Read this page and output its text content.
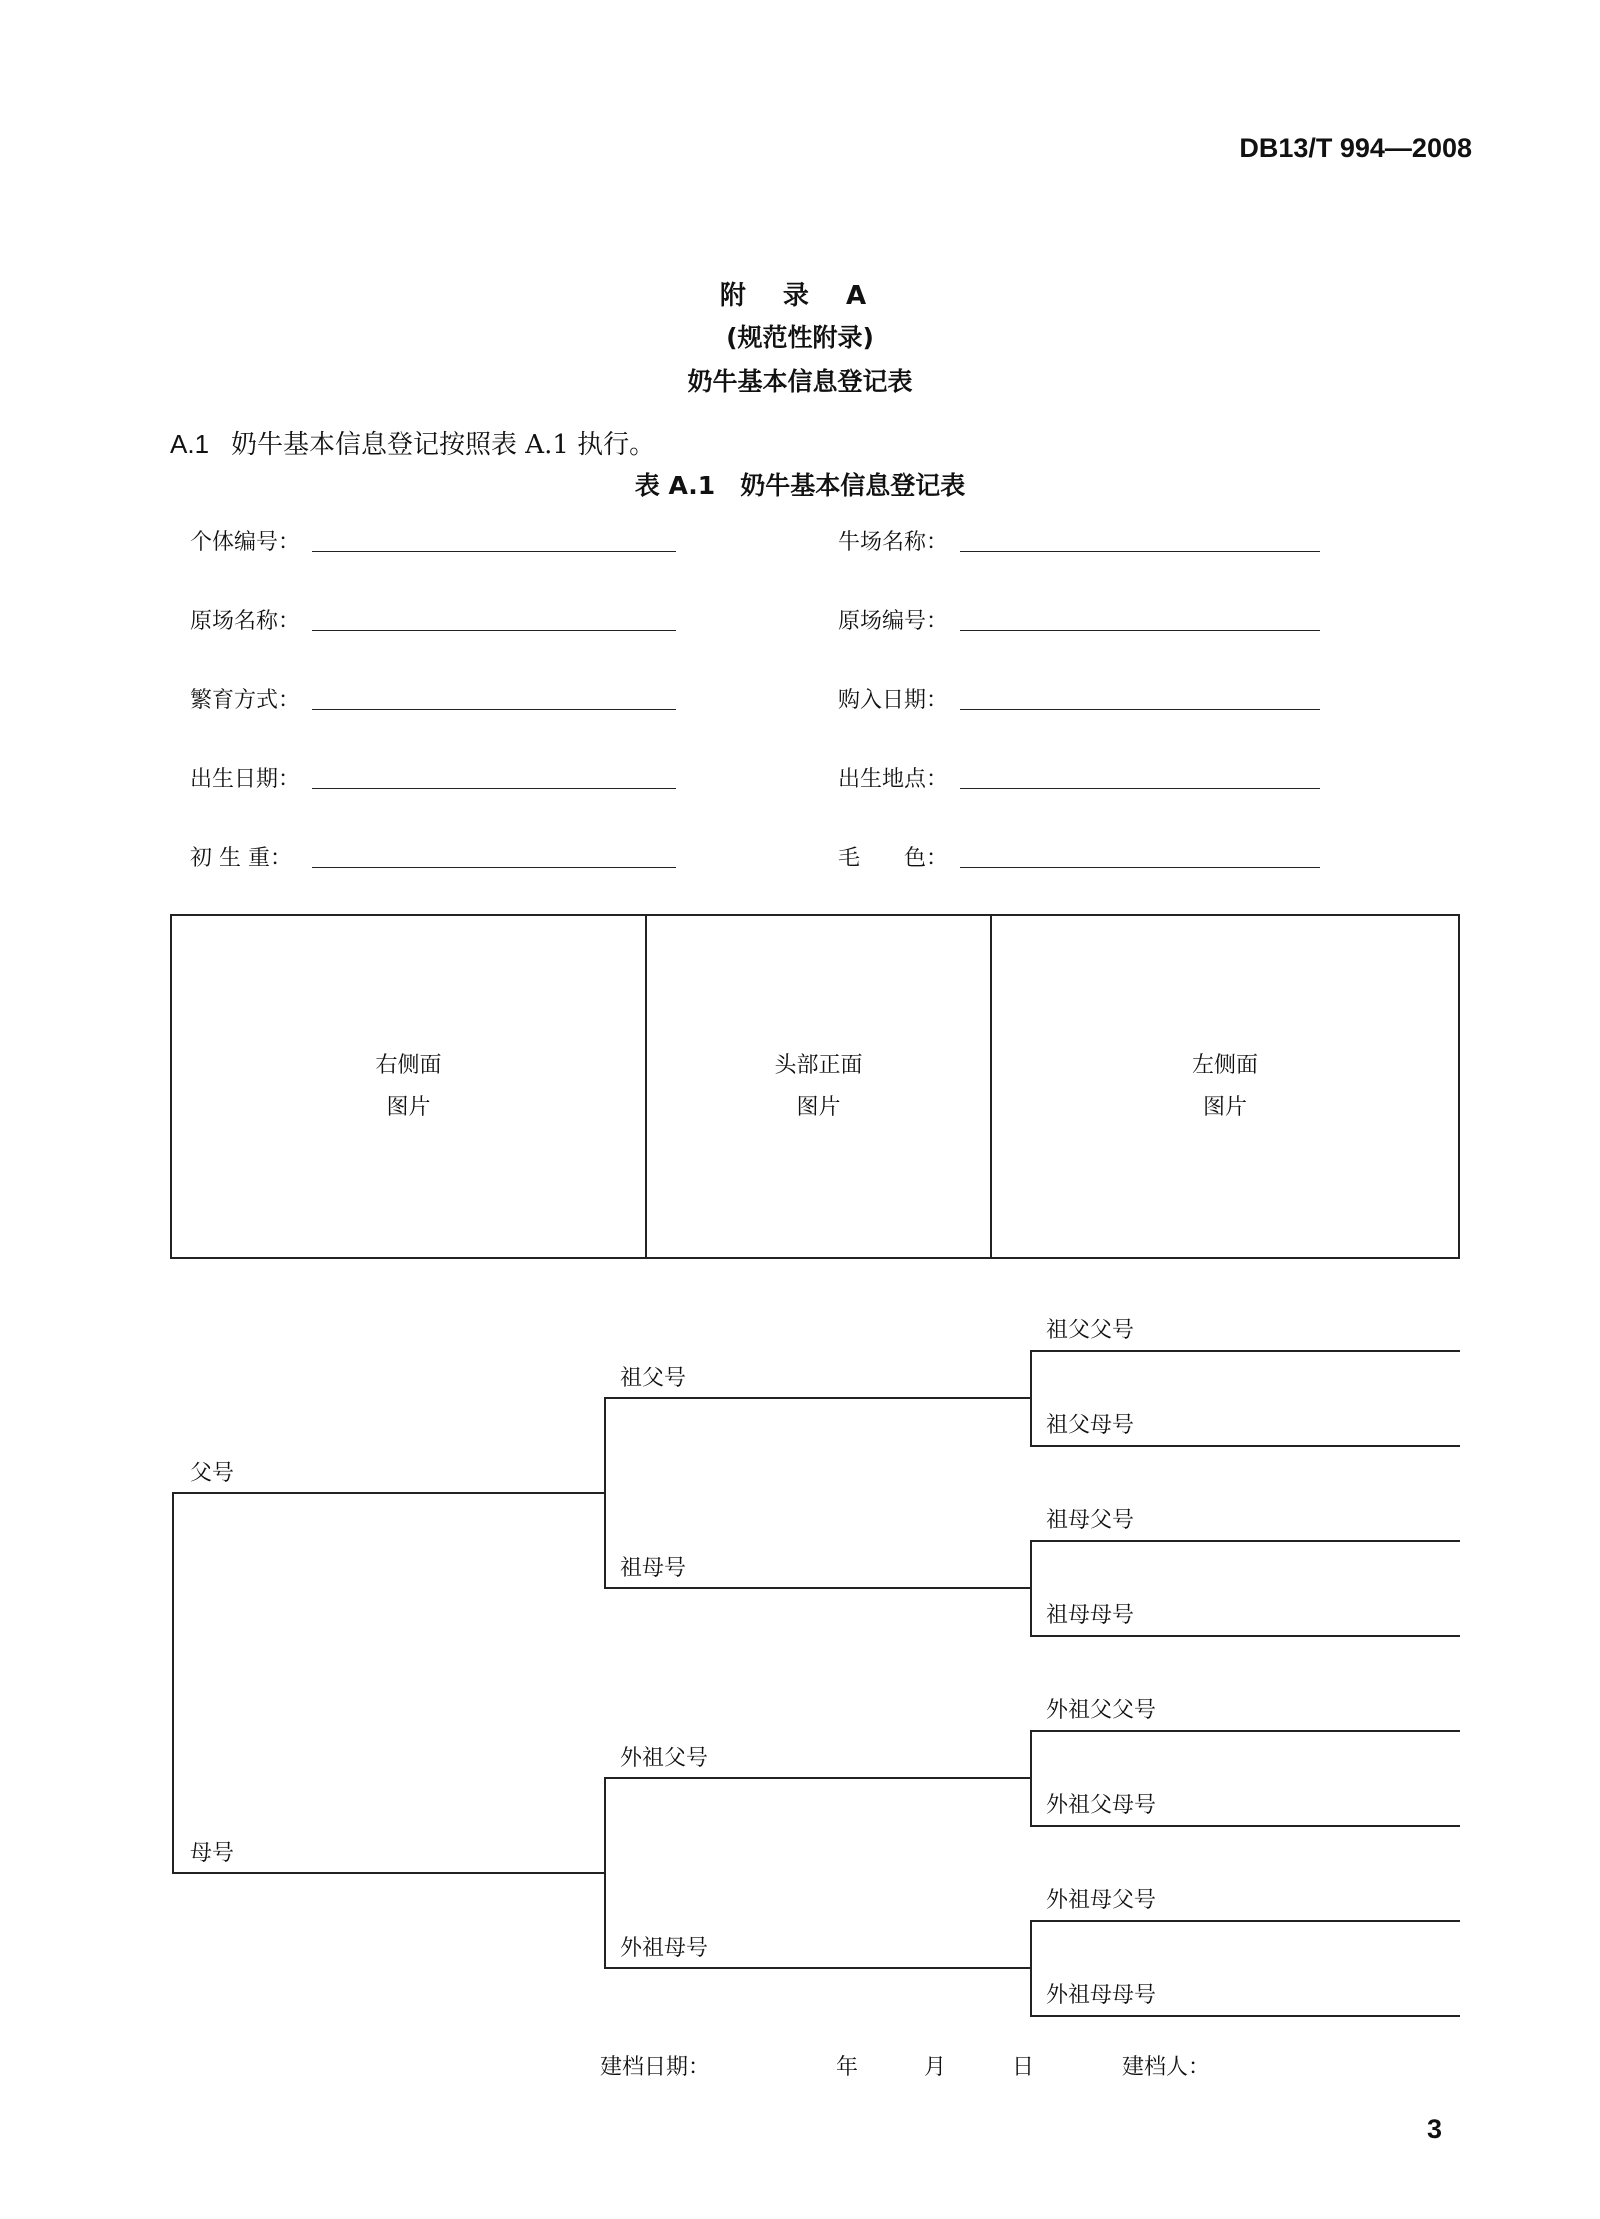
DB13/T 994—2008
附 录 A
(规范性附录)
奶牛基本信息登记表
A.1 奶牛基本信息登记按照表 A.1 执行。
表 A.1　奶牛基本信息登记表
个体编号：	牛场名称：
原场名称：	原场编号：
繁育方式：	购入日期：
出生日期：	出生地点：
初 生 重：	毛　　色：
右侧面
图片
头部正面
图片
左侧面
图片
父号
母号
祖父号
祖母号
外祖父号
外祖母号
祖父父号
祖父母号
祖母父号
祖母母号
外祖父父号
外祖父母号
外祖母父号
外祖母母号
建档日期：	年	月	日	建档人：
3
